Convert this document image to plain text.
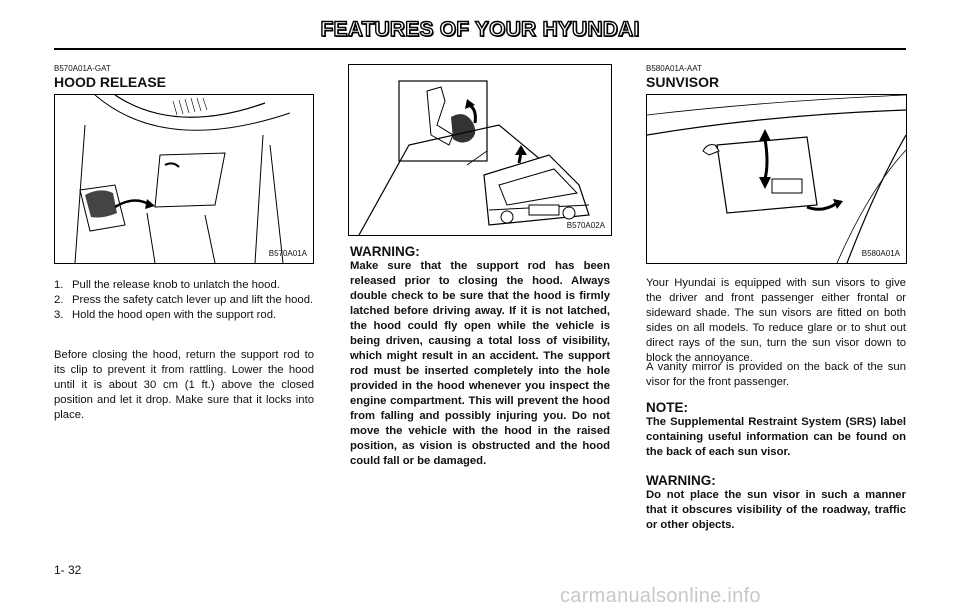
FEATURES OF YOUR HYUNDAI
B570A01A-GAT
HOOD RELEASE
B570A01A
1. Pull the release knob to unlatch the hood.
2. Press the safety catch lever up and lift the hood.
3. Hold the hood open with the support rod.
Before closing the hood, return the support rod to its clip to prevent it from rattling. Lower the hood until it is about 30 cm (1 ft.) above the closed position and let it drop. Make sure that it locks into place.
B570A02A
WARNING:
Make sure that the support rod has been released prior to closing the hood. Always double check to be sure that the hood is firmly latched before driving away. If it is not latched, the hood could fly open while the vehicle is being driven, causing a total loss of visibility, which might result in an accident. The support rod must be inserted completely into the hole provided in the hood whenever you inspect the engine compartment. This will prevent the hood from falling and possibly injuring you. Do not move the vehicle with the hood in the raised position, as vision is obstructed and the hood could fall or be damaged.
B580A01A-AAT
SUNVISOR
B580A01A
Your Hyundai is equipped with sun visors to give the driver and front passenger either frontal or sideward shade. The sun visors are fitted on both sides on all models. To reduce glare or to shut out direct rays of the sun, turn the sun visor down to block the annoyance.
A vanity mirror is provided on the back of the sun visor for the front passenger.
NOTE:
The Supplemental Restraint System (SRS) label containing useful information can be found on the back of each sun visor.
WARNING:
Do not place the sun visor in such a manner that it obscures visibility of the roadway, traffic or other objects.
1- 32
carmanualsonline.info
